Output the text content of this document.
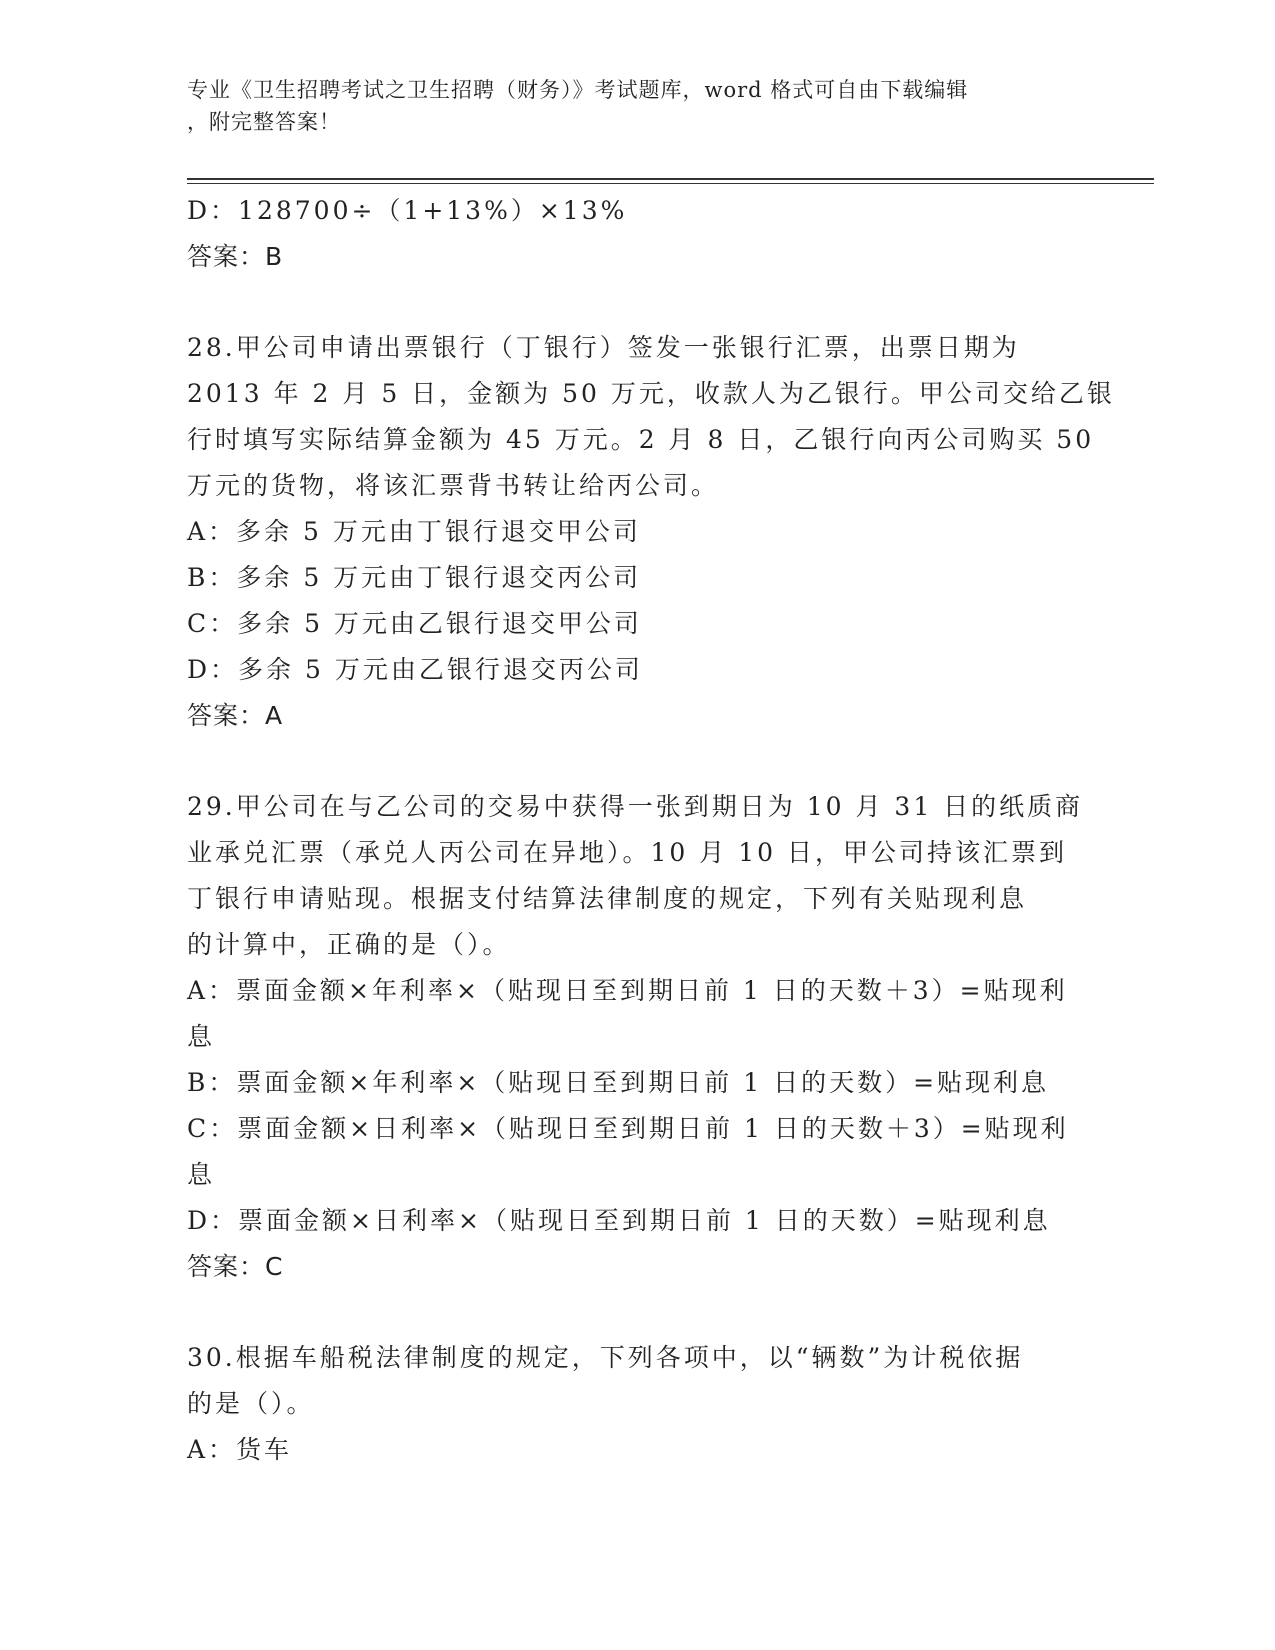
专业《卫生招聘考试之卫生招聘（财务）》考试题库，word 格式可自由下载编辑
，附完整答案！
D：128700÷（1+13%）×13%
答案：B
28.甲公司申请出票银行（丁银行）签发一张银行汇票，出票日期为
2013 年 2 月 5 日，金额为 50 万元，收款人为乙银行。甲公司交给乙银
行时填写实际结算金额为 45 万元。2 月 8 日，乙银行向丙公司购买 50
万元的货物，将该汇票背书转让给丙公司。
A：多余 5 万元由丁银行退交甲公司
B：多余 5 万元由丁银行退交丙公司
C：多余 5 万元由乙银行退交甲公司
D：多余 5 万元由乙银行退交丙公司
答案：A
29.甲公司在与乙公司的交易中获得一张到期日为 10 月 31 日的纸质商
业承兑汇票（承兑人丙公司在异地）。10 月 10 日，甲公司持该汇票到
丁银行申请贴现。根据支付结算法律制度的规定，下列有关贴现利息
的计算中，正确的是（）。
A：票面金额×年利率×（贴现日至到期日前 1 日的天数＋3）=贴现利
息
B：票面金额×年利率×（贴现日至到期日前 1 日的天数）=贴现利息
C：票面金额×日利率×（贴现日至到期日前 1 日的天数＋3）=贴现利
息
D：票面金额×日利率×（贴现日至到期日前 1 日的天数）=贴现利息
答案：C
30.根据车船税法律制度的规定，下列各项中，以“辆数”为计税依据
的是（）。
A：货车
